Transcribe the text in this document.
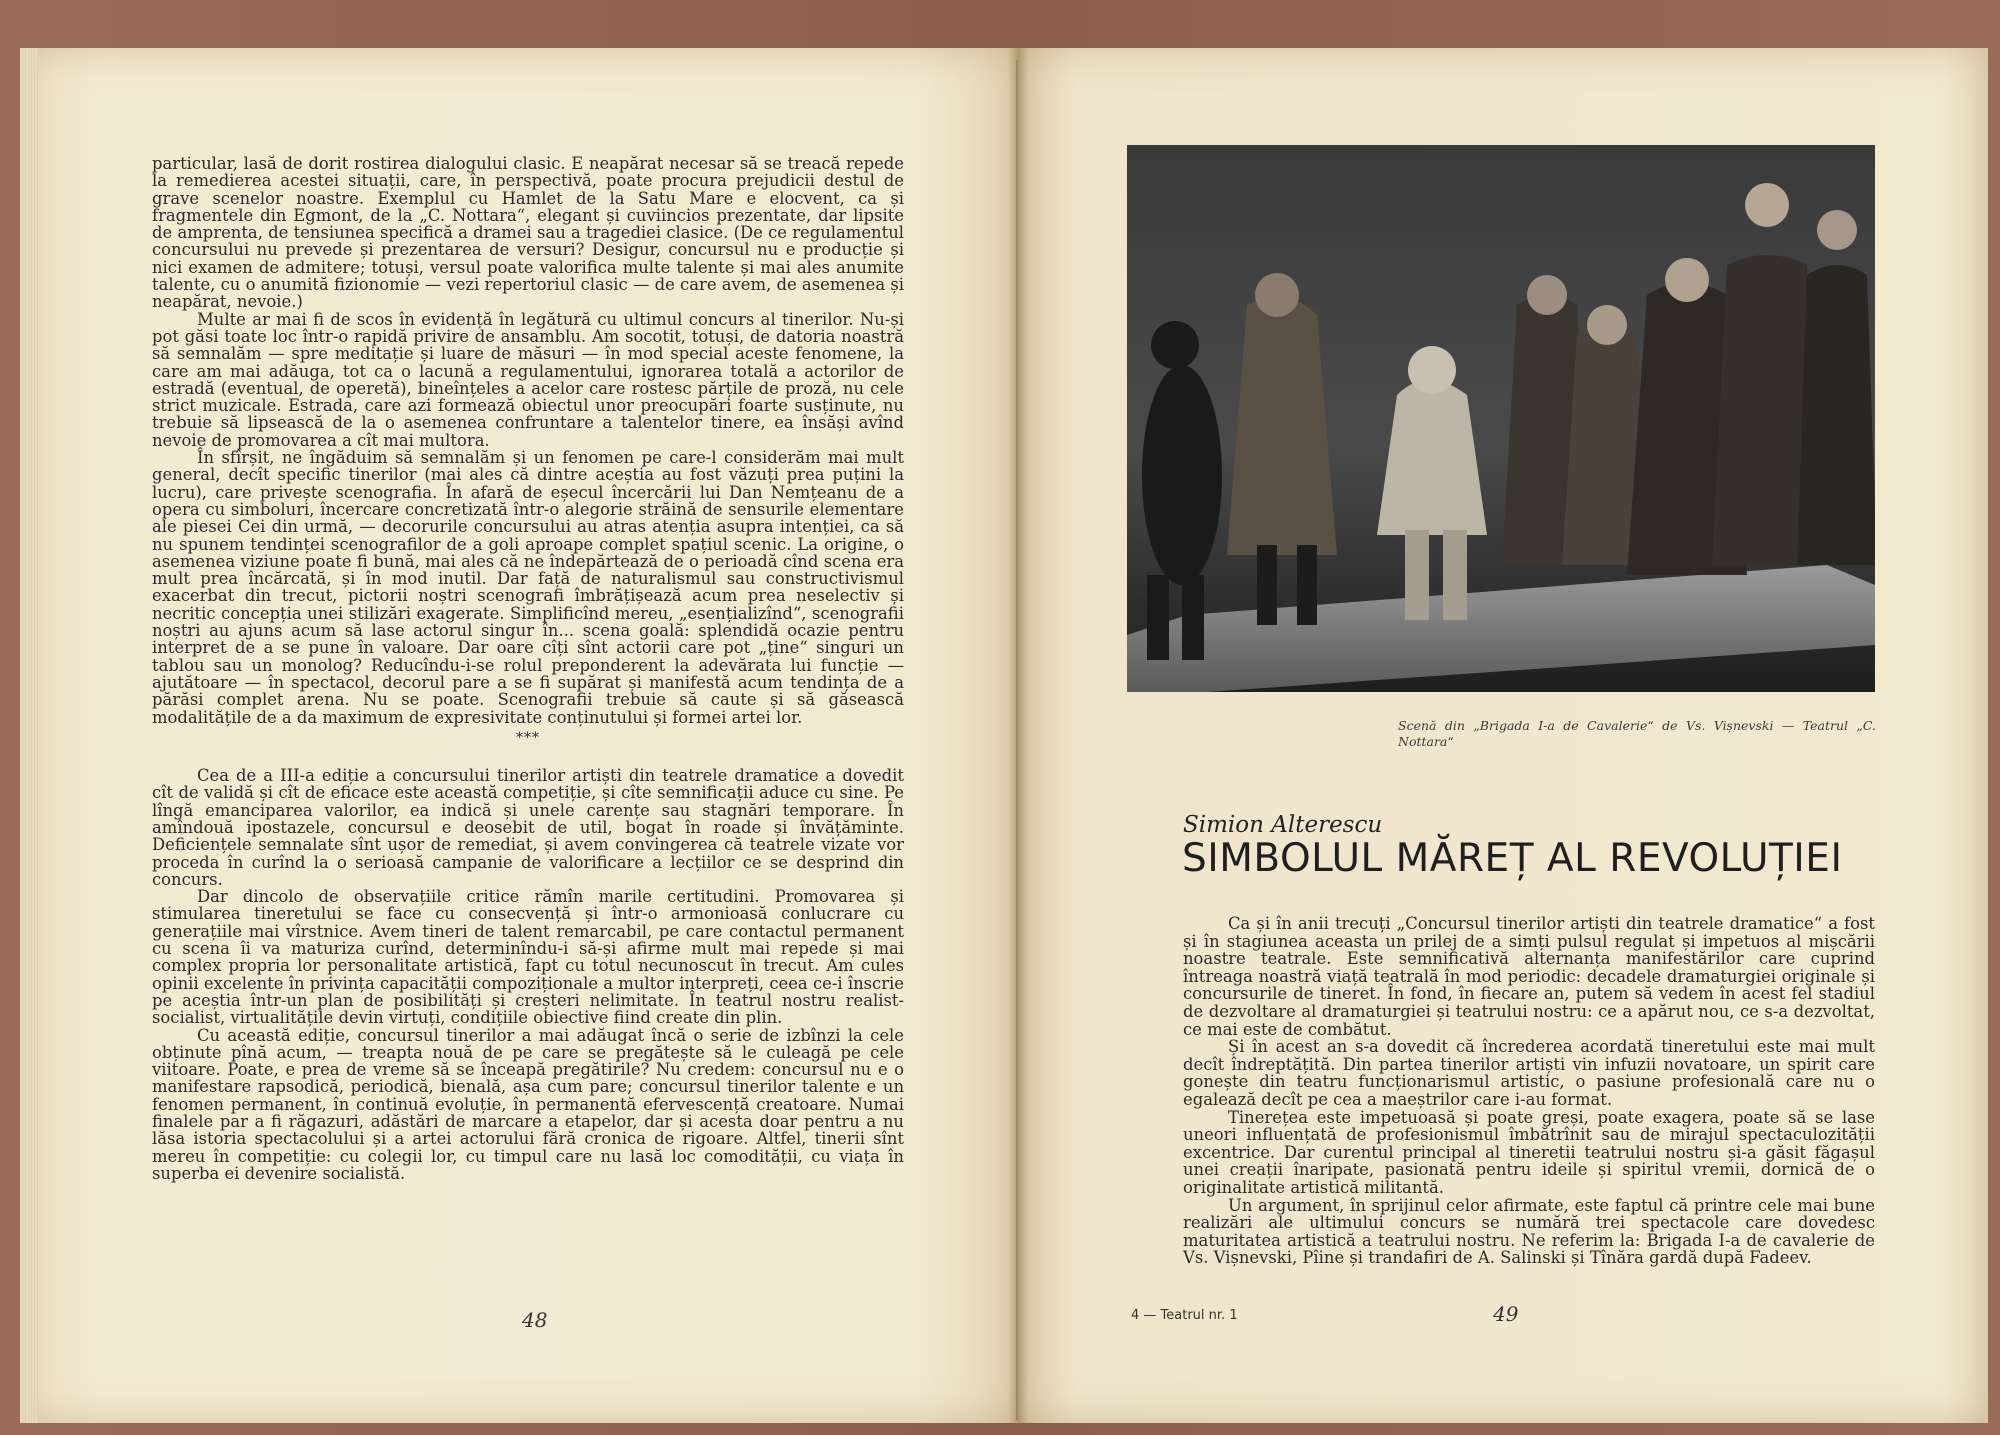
particular, lasă de dorit rostirea dialogului clasic. E neapărat necesar să se treacă repede la remedierea acestei situații, care, în perspectivă, poate procura prejudicii destul de grave scenelor noastre. Exemplul cu Hamlet de la Satu Mare e elocvent, ca și fragmentele din Egmont, de la „C. Nottara“, elegant și cuviincios prezentate, dar lipsite de amprenta, de tensiunea specifică a dramei sau a tragediei clasice. (De ce regulamentul concursului nu prevede și prezentarea de versuri? Desigur, concursul nu e producție și nici examen de admitere; totuși, versul poate valorifica multe talente și mai ales anumite talente, cu o anumită fizionomie — vezi repertoriul clasic — de care avem, de asemenea și neapărat, nevoie.)

Multe ar mai fi de scos în evidență în legătură cu ultimul concurs al tinerilor. Nu-și pot găsi toate loc într-o rapidă privire de ansamblu. Am socotit, totuși, de datoria noastră să semnalăm — spre meditație și luare de măsuri — în mod special aceste fenomene, la care am mai adăuga, tot ca o lacună a regulamentului, ignorarea totală a actorilor de estradă (eventual, de operetă), bineînțeles a acelor care rostesc părțile de proză, nu cele strict muzicale. Estrada, care azi formează obiectul unor preocupări foarte susținute, nu trebuie să lipsească de la o asemenea confruntare a talentelor tinere, ea însăși avînd nevoie de promovarea a cît mai multora.

În sfîrșit, ne îngăduim să semnalăm și un fenomen pe care-l considerăm mai mult general, decît specific tinerilor (mai ales că dintre aceștia au fost văzuți prea puțini la lucru), care privește scenografia. În afară de eșecul încercării lui Dan Nemțeanu de a opera cu simboluri, încercare concretizată într-o alegorie străină de sensurile elementare ale piesei Cei din urmă, — decorurile concursului au atras atenția asupra intenției, ca să nu spunem tendinței scenografilor de a goli aproape complet spațiul scenic. La origine, o asemenea viziune poate fi bună, mai ales că ne îndepărtează de o perioadă cînd scena era mult prea încărcată, și în mod inutil. Dar față de naturalismul sau constructivismul exacerbat din trecut, pictorii noștri scenografi îmbrățișează acum prea neselectiv și necritic concepția unei stilizări exagerate. Simplificînd mereu, „esențializînd“, scenografii noștri au ajuns acum să lase actorul singur în... scena goală: splendidă ocazie pentru interpret de a se pune în valoare. Dar oare cîți sînt actorii care pot „ține“ singuri un tablou sau un monolog? Reducîndu-i-se rolul preponderent la adevărata lui funcție — ajutătoare — în spectacol, decorul pare a se fi supărat și manifestă acum tendința de a părăsi complet arena. Nu se poate. Scenografii trebuie să caute și să găsească modalitățile de a da maximum de expresivitate conținutului și formei artei lor.

***

Cea de a III-a ediție a concursului tinerilor artiști din teatrele dramatice a dovedit cît de validă și cît de eficace este această competiție, și cîte semnificații aduce cu sine. Pe lîngă emanciparea valorilor, ea indică și unele carențe sau stagnări temporare. În amîndouă ipostazele, concursul e deosebit de util, bogat în roade și învățăminte. Deficiențele semnalate sînt ușor de remediat, și avem convingerea că teatrele vizate vor proceda în curînd la o serioasă campanie de valorificare a lecțiilor ce se desprind din concurs.

Dar dincolo de observațiile critice rămîn marile certitudini. Promovarea și stimularea tineretului se face cu consecvență și într-o armonioasă conlucrare cu generațiile mai vîrstnice. Avem tineri de talent remarcabil, pe care contactul permanent cu scena îi va maturiza curînd, determinîndu-i să-și afirme mult mai repede și mai complex propria lor personalitate artistică, fapt cu totul necunoscut în trecut. Am cules opinii excelente în privința capacității compoziționale a multor interpreți, ceea ce-i înscrie pe aceștia într-un plan de posibilități și creșteri nelimitate. În teatrul nostru realist-socialist, virtualitățile devin virtuți, condițiile obiective fiind create din plin.

Cu această ediție, concursul tinerilor a mai adăugat încă o serie de izbînzi la cele obținute pînă acum, — treapta nouă de pe care se pregătește să le culeagă pe cele viitoare. Poate, e prea de vreme să se înceapă pregătirile? Nu credem: concursul nu e o manifestare rapsodică, periodică, bienală, așa cum pare; concursul tinerilor talente e un fenomen permanent, în continuă evoluție, în permanentă efervescență creatoare. Numai finalele par a fi răgazuri, adăstări de marcare a etapelor, dar și acesta doar pentru a nu lăsa istoria spectacolului și a artei actorului fără cronica de rigoare. Altfel, tinerii sînt mereu în competiție: cu colegii lor, cu timpul care nu lasă loc comodității, cu viața în superba ei devenire socialistă.

48
Scenă din „Brigada I-a de Cavalerie“ de Vs. Vișnevski — Teatrul „C. Nottara“
Simion Alterescu
SIMBOLUL MĂREȚ AL REVOLUȚIEI

Ca și în anii trecuți „Concursul tinerilor artiști din teatrele dramatice“ a fost și în stagiunea aceasta un prilej de a simți pulsul regulat și impetuos al mișcării noastre teatrale. Este semnificativă alternanța manifestărilor care cuprind întreaga noastră viață teatrală în mod periodic: decadele dramaturgiei originale și concursurile de tineret. În fond, în fiecare an, putem să vedem în acest fel stadiul de dezvoltare al dramaturgiei și teatrului nostru: ce a apărut nou, ce s-a dezvoltat, ce mai este de combătut.

Și în acest an s-a dovedit că încrederea acordată tineretului este mai mult decît îndreptățită. Din partea tinerilor artiști vin infuzii novatoare, un spirit care gonește din teatru funcționarismul artistic, o pasiune profesională care nu o egalează decît pe cea a maeștrilor care i-au format.

Tinerețea este impetuoasă și poate greși, poate exagera, poate să se lase uneori influențată de profesionismul îmbătrînit sau de mirajul spectaculozității excentrice. Dar curentul principal al tineretii teatrului nostru și-a găsit făgașul unei creații înaripate, pasionată pentru ideile și spiritul vremii, dornică de o originalitate artistică militantă.

Un argument, în sprijinul celor afirmate, este faptul că printre cele mai bune realizări ale ultimului concurs se numără trei spectacole care dovedesc maturitatea artistică a teatrului nostru. Ne referim la: Brigada I-a de cavalerie de Vs. Vișnevski, Pîine și trandafiri de A. Salinski și Tînăra gardă după Fadeev.

4 — Teatrul nr. 1	49
